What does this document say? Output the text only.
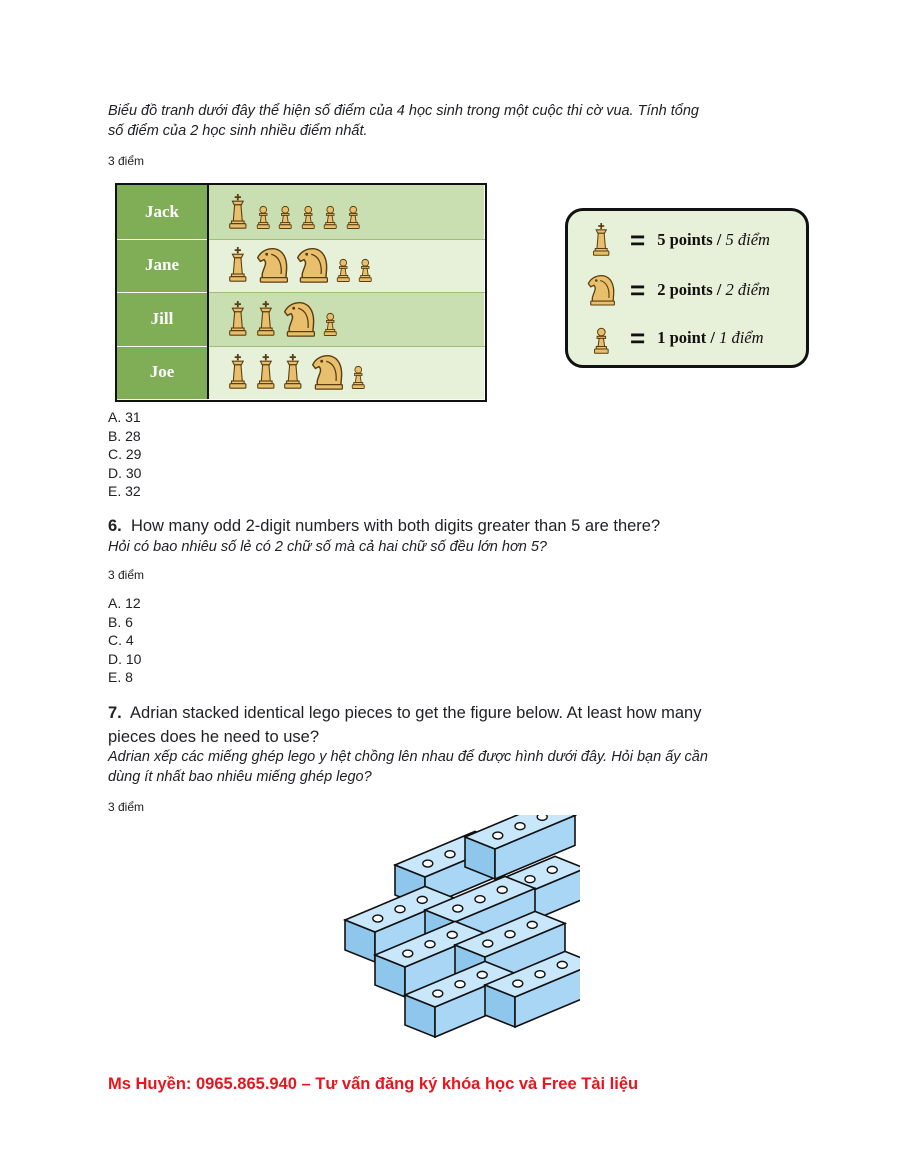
Biểu đồ tranh dưới đây thể hiện số điểm của 4 học sinh trong một cuộc thi cờ vua. Tính tổng
số điểm của 2 học sinh nhiều điểm nhất.
3 điểm
Jack
Jane
Jill
Joe
= 5 points / 5 điểm
= 2 points / 2 điểm
= 1 point / 1 điểm
A. 31
B. 28
C. 29
D. 30
E. 32
6. How many odd 2-digit numbers with both digits greater than 5 are there?
Hỏi có bao nhiêu số lẻ có 2 chữ số mà cả hai chữ số đều lớn hơn 5?
3 điểm
A. 12
B. 6
C. 4
D. 10
E. 8
7. Adrian stacked identical lego pieces to get the figure below. At least how many
pieces does he need to use?
Adrian xếp các miếng ghép lego y hệt chồng lên nhau để được hình dưới đây. Hỏi bạn ấy cần
dùng ít nhất bao nhiêu miếng ghép lego?
3 điểm
Ms Huyền: 0965.865.940 – Tư vấn đăng ký khóa học và Free Tài liệu
